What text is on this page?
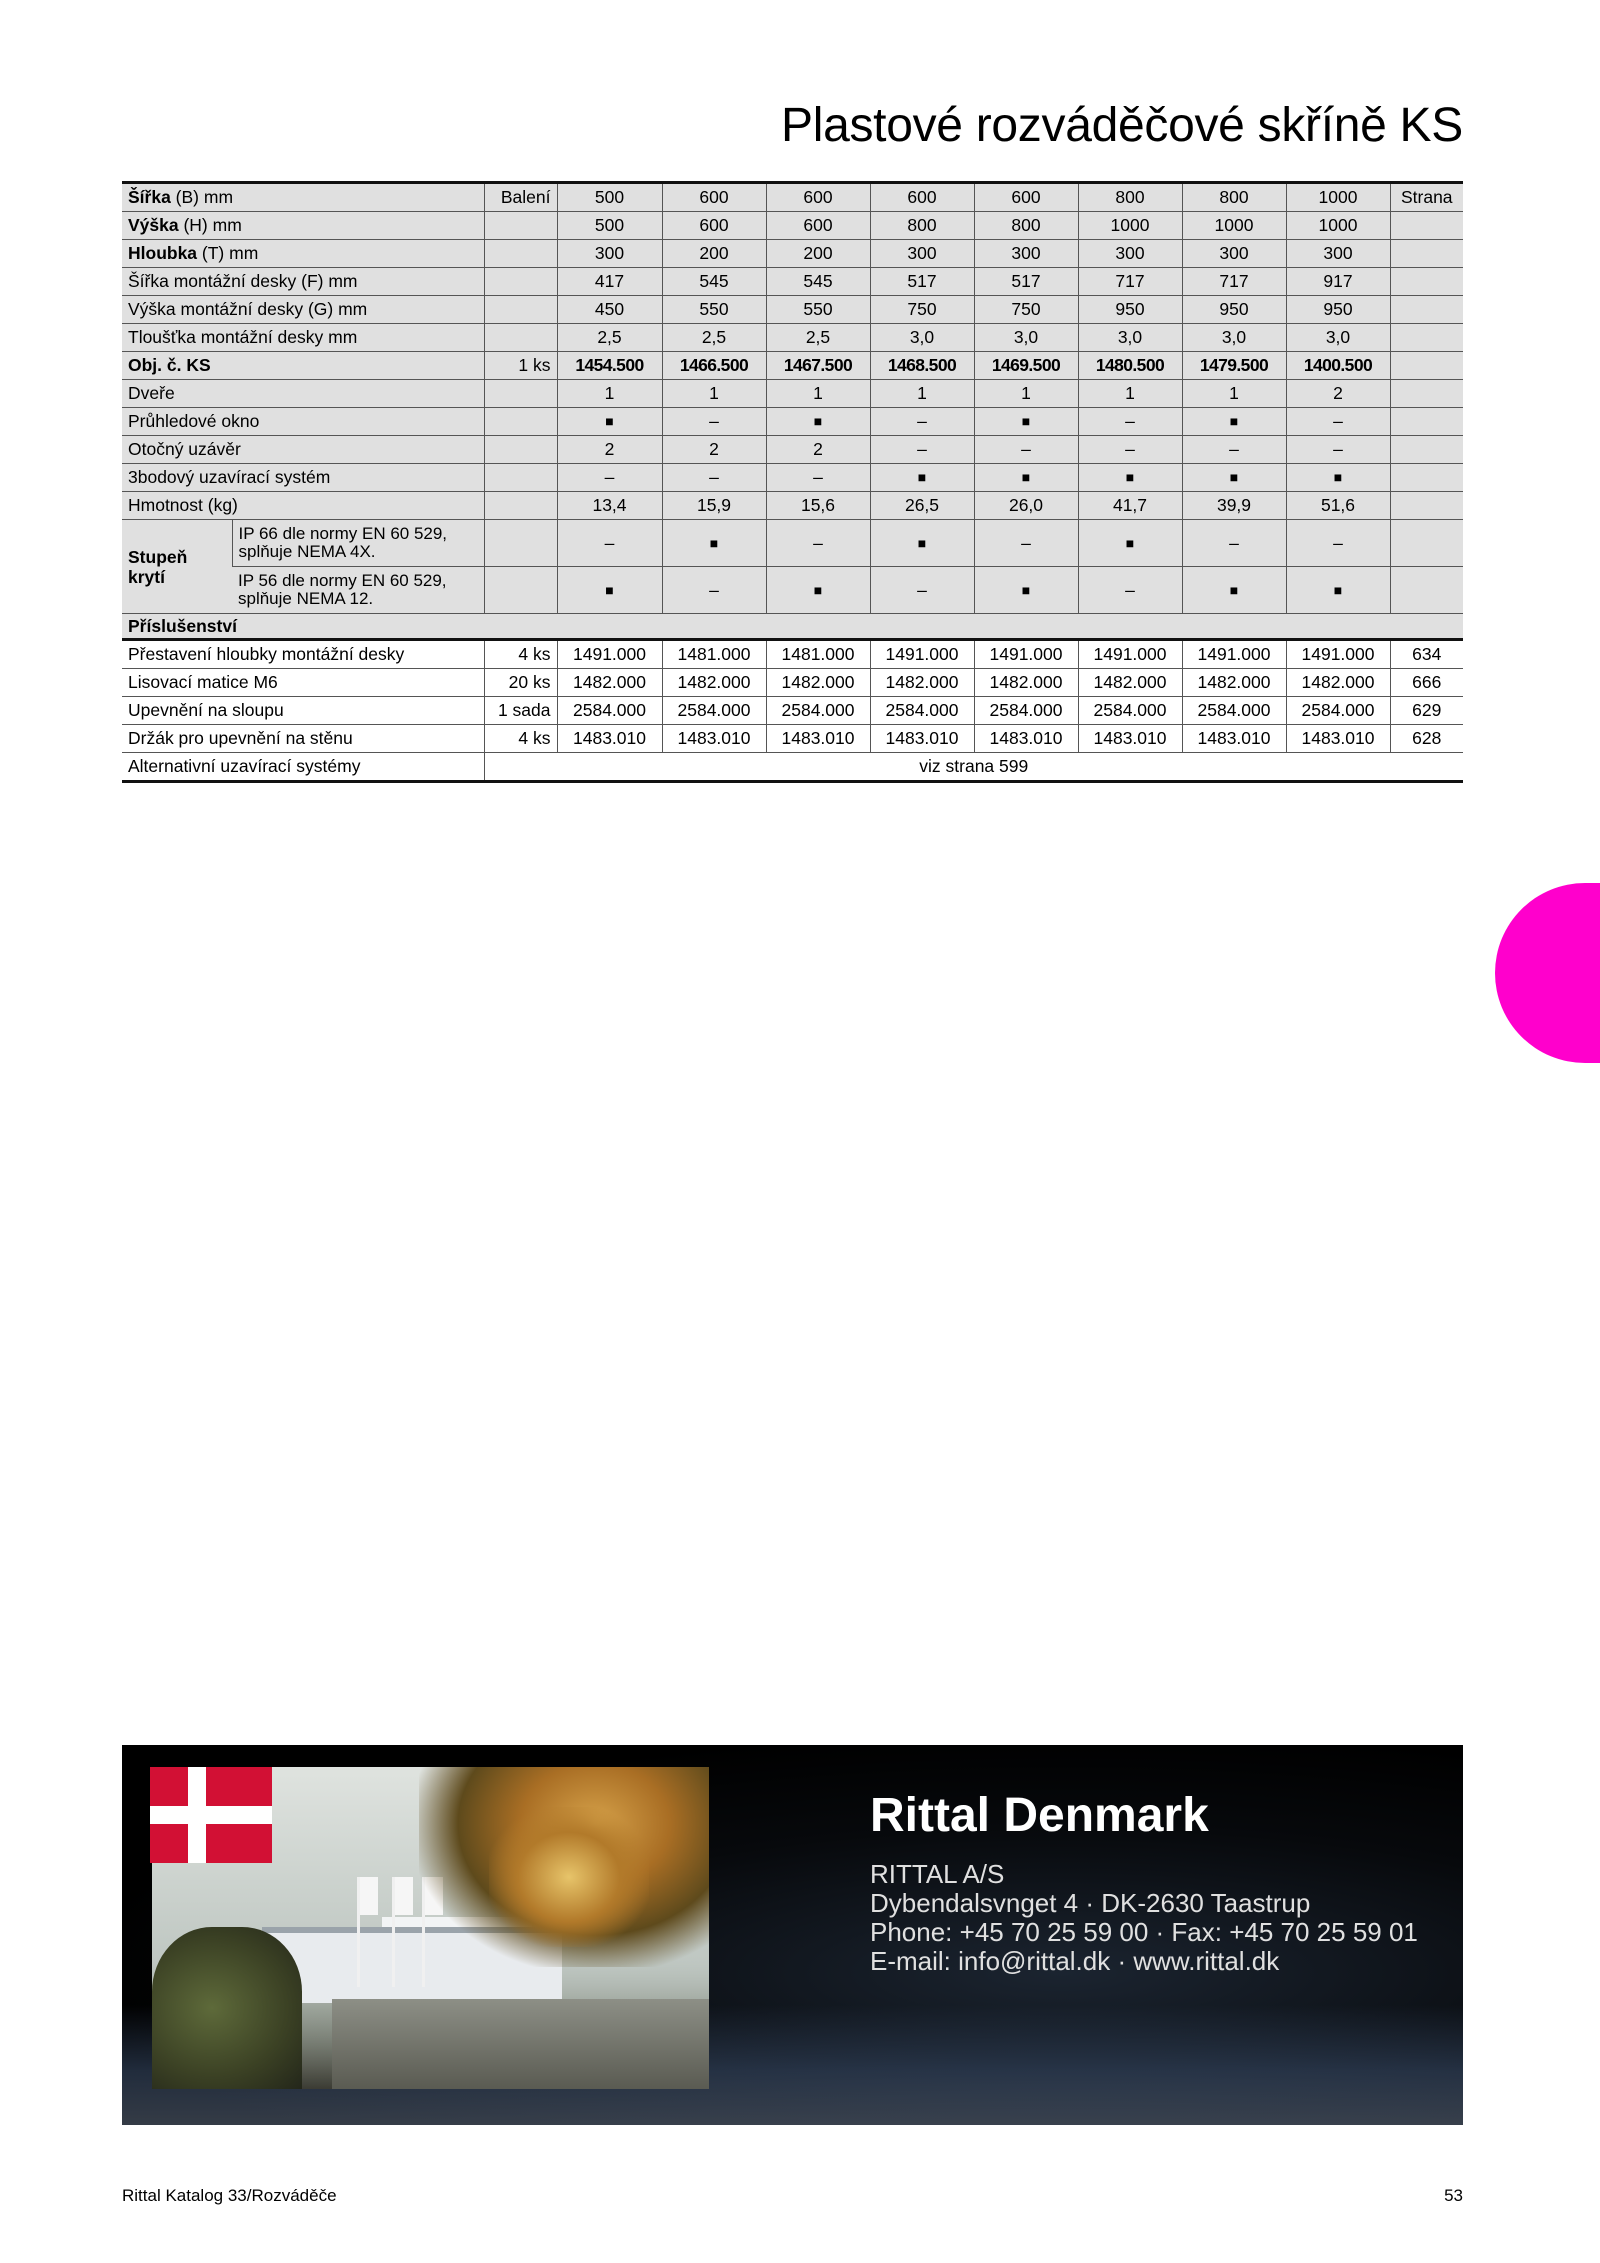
Plastové rozváděčové skříně KS
Šířka (B) mm		Balení	500	600	600	600	600	800	800	1000	Strana
Výška (H) mm			500	600	600	800	800	1000	1000	1000	
Hloubka (T) mm			300	200	200	300	300	300	300	300	
Šířka montážní desky (F) mm			417	545	545	517	517	717	717	917	
Výška montážní desky (G) mm			450	550	550	750	750	950	950	950	
Tloušťka montážní desky mm			2,5	2,5	2,5	3,0	3,0	3,0	3,0	3,0	
Obj. č. KS		1 ks	1454.500	1466.500	1467.500	1468.500	1469.500	1480.500	1479.500	1400.500	
Dveře			1	1	1	1	1	1	1	2	
Průhledové okno			■	–	■	–	■	–	■	–	
Otočný uzávěr			2	2	2	–	–	–	–	–	
3bodový uzavírací systém			–	–	–	■	■	■	■	■	
Hmotnost (kg)			13,4	15,9	15,6	26,5	26,0	41,7	39,9	51,6	
Stupeň krytí	IP 66 dle normy EN 60 529, splňuje NEMA 4X.		–	■	–	■	–	■	–	–	
	IP 56 dle normy EN 60 529, splňuje NEMA 12.		■	–	■	–	■	–	■	■	
Příslušenství											
Přestavení hloubky montážní desky		4 ks	1491.000	1481.000	1481.000	1491.000	1491.000	1491.000	1491.000	1491.000	634
Lisovací matice M6		20 ks	1482.000	1482.000	1482.000	1482.000	1482.000	1482.000	1482.000	1482.000	666
Upevnění na sloupu		1 sada	2584.000	2584.000	2584.000	2584.000	2584.000	2584.000	2584.000	2584.000	629
Držák pro upevnění na stěnu		4 ks	1483.010	1483.010	1483.010	1483.010	1483.010	1483.010	1483.010	1483.010	628
Alternativní uzavírací systémy		viz strana 599									
Rittal Denmark
RITTAL A/S
Dybendalsvnget 4 · DK-2630 Taastrup
Phone: +45 70 25 59 00 · Fax: +45 70 25 59 01
E-mail: info@rittal.dk · www.rittal.dk
Rittal Katalog 33/Rozváděče	53
